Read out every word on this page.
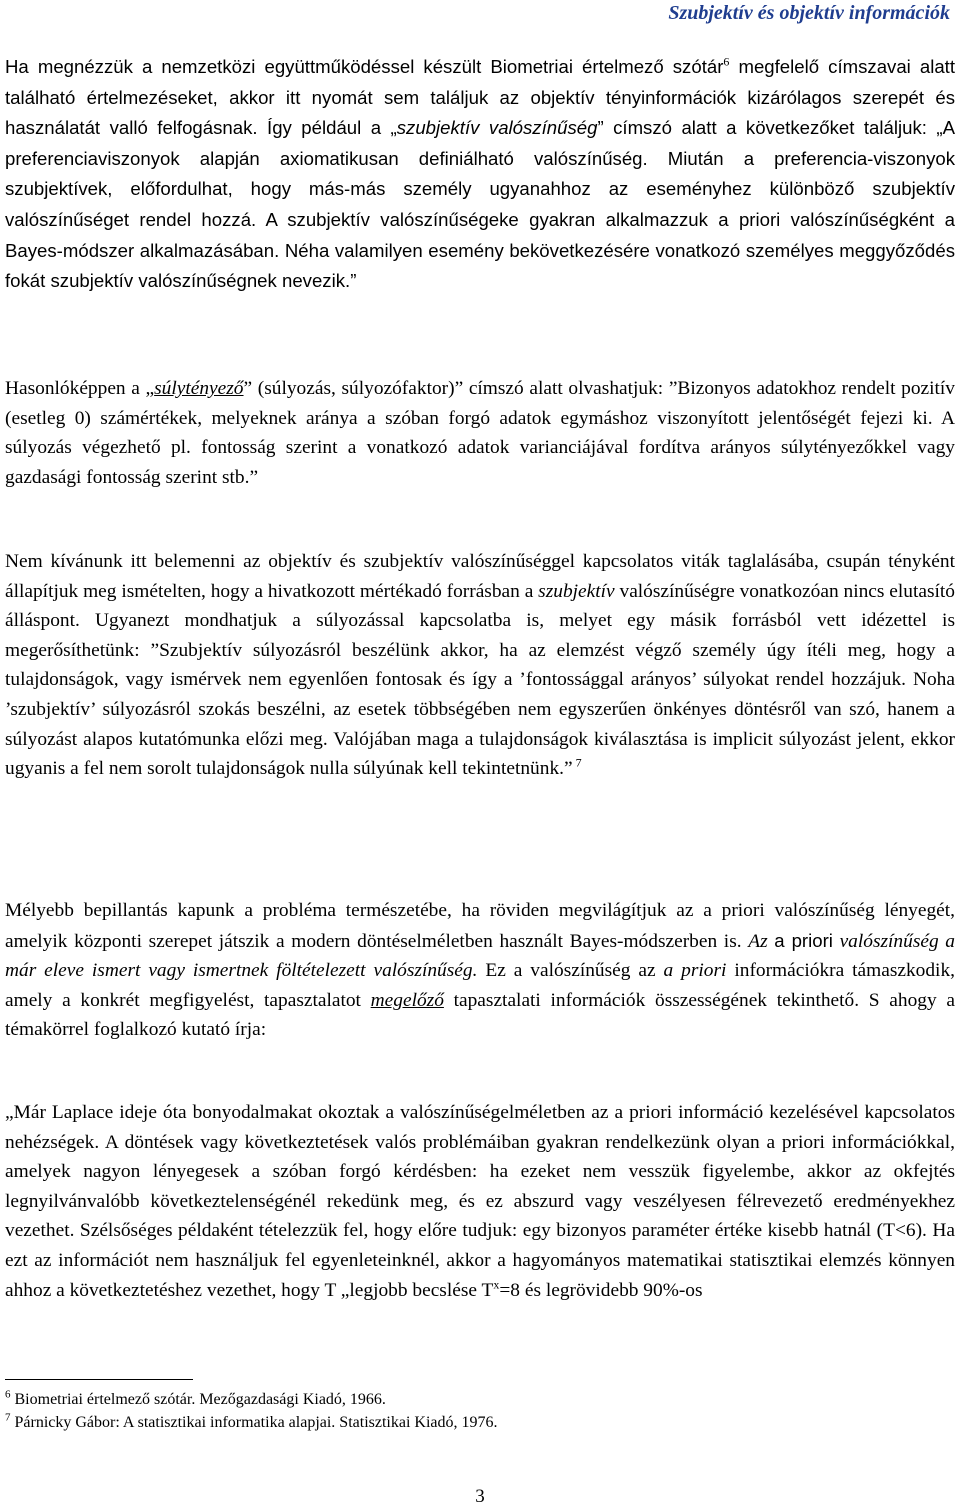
Szubjektív és objektív információk

Ha megnézzük a nemzetközi együttműködéssel készült Biometriai értelmező szótár$^6$ megfelelő címszavai alatt található értelmezéseket, akkor itt nyomát sem találjuk az objektív tényinformációk kizárólagos szerepét és használatát valló felfogásnak. Így például a „szubjektív valószínűség” címszó alatt a következőket találjuk: „A preferenciaviszonyok alapján axiomatikusan definiálható valószínűség. Miután a preferencia-viszonyok szubjektívek, előfordulhat, hogy más-más személy ugyanahhoz az eseményhez különböző szubjektív valószínűséget rendel hozzá. A szubjektív valószínűségeke gyakran alkalmazzuk a priori valószínűségként a Bayes-módszer alkalmazásában. Néha valamilyen esemény bekövetkezésére vonatkozó személyes meggyőződés fokát szubjektív valószínűségnek nevezik.”

Hasonlóképpen a „súlytényező” (súlyozás, súlyozófaktor)” címszó alatt olvashatjuk: ”Bizonyos adatokhoz rendelt pozitív (esetleg 0) számértékek, melyeknek aránya a szóban forgó adatok egymáshoz viszonyított jelentőségét fejezi ki. A súlyozás végezhető pl. fontosság szerint a vonatkozó adatok varianciájával fordítva arányos súlytényezőkkel vagy gazdasági fontosság szerint stb.”

Nem kívánunk itt belemenni az objektív és szubjektív valószínűséggel kapcsolatos viták taglalásába, csupán tényként állapítjuk meg ismételten, hogy a hivatkozott mértékadó forrásban a szubjektív valószínűségre vonatkozóan nincs elutasító álláspont. Ugyanezt mondhatjuk a súlyozással kapcsolatba is, melyet egy másik forrásból vett idézettel is megerősíthetünk: ”Szubjektív súlyozásról beszélünk akkor, ha az elemzést végző személy úgy ítéli meg, hogy a tulajdonságok, vagy ismérvek nem egyenlően fontosak és így a ’fontossággal arányos’ súlyokat rendel hozzájuk. Noha ’szubjektív’ súlyozásról szokás beszélni, az esetek többségében nem egyszerűen önkényes döntésről van szó, hanem a súlyozást alapos kutatómunka előzi meg. Valójában maga a tulajdonságok kiválasztása is implicit súlyozást jelent, ekkor ugyanis a fel nem sorolt tulajdonságok nulla súlyúnak kell tekintetnünk.” $^7$

Mélyebb bepillantás kapunk a probléma természetébe, ha röviden megvilágítjuk az a priori valószínűség lényegét, amelyik központi szerepet játszik a modern döntéselméletben használt Bayes-módszerben is. Az a priori valószínűség a már eleve ismert vagy ismertnek föltételezett valószínűség. Ez a valószínűség az a priori információkra támaszkodik, amely a konkrét megfigyelést, tapasztalatot megelőző tapasztalati információk összességének tekinthető. S ahogy a témakörrel foglalkozó kutató írja:

„Már Laplace ideje óta bonyodalmakat okoztak a valószínűségelméletben az a priori információ kezelésével kapcsolatos nehézségek. A döntések vagy következtetések valós problémáiban gyakran rendelkezünk olyan a priori információkkal, amelyek nagyon lényegesek a szóban forgó kérdésben: ha ezeket nem vesszük figyelembe, akkor az okfejtés legnyilvánvalóbb következtelenségénél rekedünk meg, és ez abszurd vagy veszélyesen félrevezető eredményekhez vezethet. Szélsőséges példaként tételezzük fel, hogy előre tudjuk: egy bizonyos paraméter értéke kisebb hatnál (T<6). Ha ezt az információt nem használjuk fel egyenleteinknél, akkor a hagyományos matematikai statisztikai elemzés könnyen ahhoz a következtetéshez vezethet, hogy T „legjobb becslése $T^x=8$ és legrövidebb 90%-os

$^6$ Biometriai értelmező szótár. Mezőgazdasági Kiadó, 1966.

$^7$ Párnicky Gábor: A statisztikai informatika alapjai. Statisztikai Kiadó, 1976.

3
